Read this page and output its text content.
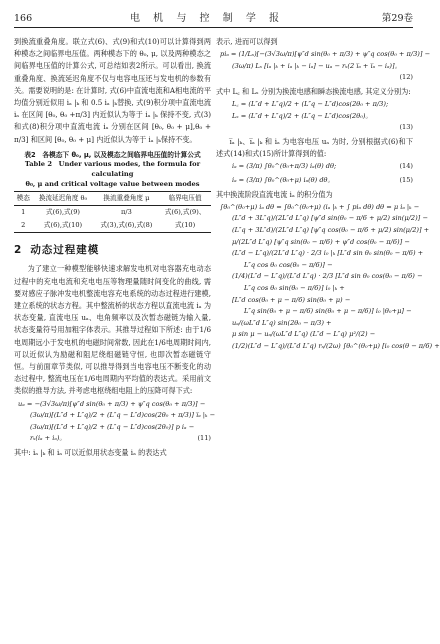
166	电 机 与 控 制 学 报	第29卷
到换流重叠角度。联立式(6)、式(9)和式(10)可以计算得到两种模态之间临界电压值。两种模态下的 θ₀, μ, 以及两种模态之间临界电压值的计算公式, 可总结如表2所示。可以看出, 换流重叠角度、换流延迟角度不仅与电容电压还与发电机的参数有关。需要说明的是: 在计算时, 式(6)中直流电流和A相电流的平均值分别近似用 iₐ |ₖ 和 0.5 iₐ |ₖ替换, 式(9)积分项中直流电流 iₐ 在区间 [θ₀, θ₀ +π/3] 内近似认为等于 iₐ |ₖ 保持不变, 式(3) 和式(8)积分项中直流电流 iₐ 分别在区间 [θ₀, θ₀ + μ],θ₀ + π/3] 和区间 [θ₀, θ₀ + μ] 内近似认为等于 iₐ |ₖ保持不变。
表2　各模态下 θ₀, μ, 以及模态之间临界电压值的计算公式
Table 2　Under various modes, the formula for calculating
θ₀, μ and critical voltage value between modes
模态	换流延迟角度 θ₀	换流重叠角度 μ	临界电压值
1	式(6),式(9)	π/3	式(6),式(9)、
2	式(6),式(10)	式(3),式(6),式(8)	式(10)
2 动态过程建模
为了建立一种模型能够快速求解发电机对电容器充电动态过程中的充电电流和充电电压等物理量随时间变化的曲线, 需要对感应子脉冲发电机整流电容充电系统的动态过程进行建模, 建立系统的状态方程。其中整流桥的状态方程以直流电流 iₐ 为状态变量, 直流电压 uₐ、电角频率以及次暂态磁链为输入量, 状态变量符号用加粗字体表示。其推导过程如下所述: 由于1/6电周期远小于发电机的电磁时间常数, 因此在1/6电周期时间内, 可以近似认为励磁和阻尼绕组磁链守恒, 也即次暂态磁链守恒。与前面章节类似, 可以推导得到当电容电压不断变化的动态过程中, 整流电压在1/6电周期内平均值的表达式。采用前文类似的推导方法, 并考虑电枢绕组电阻上的压降可得下式:
uₐ = −(3√3ω/π)[ψ″d sin(θ₀ + π/3) + ψ″q cos(θ₀ + π/3)] −
(3ω/π)[(L″d + L″q)/2 + (L″q − L″d)cos(2θ₀ + π/3)] i̅ₐ |ₖ −
(3ω/π)[(L″d + L″q)/2 + (L″q − L″d)cos(2θ₀)] p iₐ −
rₛ(iₐ + iₐ)。	(11)
其中: iₐ |ₖ 和 iₐ 可以近似用状态变量 iₐ 的表达式
表示, 进而可以得到
piₐ = (1/Lₛ)[−(3√3ω/π)[ψ″d sin(θ₀ + π/3) + ψ″q cos(θ₀ + π/3)] −
(3ω/π) Lₛ [iₐ |ₖ + iₐ |ₖ − iₐ] − uₐ − rₛ(2 i̅ₐ + i̅ₐ − iₐ)]。
(12)

式中 L꜀ 和 Lₛ 分别为换流电感和瞬态换流电感, 其定义分别为:
L꜀ = (L″d + L″q)/2 + (L″q − L″d)cos(2θ₀ + π/3);
Lₛ = (L″d + L″q)/2 + (L″q − L″d)cos(2θ₀)。
(13)

i̅ₐ |ₖ、i̅ₐ |ₖ 和 iₐ 为电容电压 uₐ 为时, 分别根据式(6)和下述式(14)和式(15)所计算得到的值:
iₐ = (3/π) ∫θ₀^(θ₀+π/3) iₐ(θ) dθ;	(14)
iₐ = (3/π) ∫θ₀^(θ₀+μ) iₐ(θ) dθ。	(15)
其中换流阶段直流电流 iₐ 的积分值为
∫θ₀^(θ₀+μ) iₐ dθ = ∫θ₀^(θ₀+μ) (iₐ |ₖ + ∫ piₐ dθ) dθ = μ iₐ |ₖ −
(L″d + 3L″q)/(2L″d L″q) [ψ″d sin(θ₀ − π/6 + μ/2) sin(μ/2)] −
(L″q + 3L″d)/(2L″d L″q) [ψ″q cos(θ₀ − π/6 + μ/2) sin(μ/2)] +
μ/(2L″d L″q) [ψ″q sin(θ₀ − π/6) + ψ″d cos(θ₀ − π/6)] −
(L″d − L″q)/(2L″d L″q) · 2/3 i₀ |ₖ [L″d sin θ₀ sin(θ₀ − π/6) +
L″q cos θ₀ cos(θ₀ − π/6)] −
(1/4)(L″d − L″q)/(L″d L″q) · 2/3 [L″d sin θ₀ cos(θ₀ − π/6) −
L″q cos θ₀ sin(θ₀ − π/6)] i₀ |ₖ +
[L″d cos(θ₀ + μ − π/6) sin(θ₀ + μ) −
L″q sin(θ₀ + μ − π/6) sin(θ₀ + μ − π/6)] i₀ |θ₀+μ] −
uₐ/(ωL″d L″q) sin(2θ₀ − π/3) +
μ sin μ − uₐ/(ωL″d L″q) (L″d − L″q) μ²/(2) −
(1/2)(L″d − L″q)/(L″d L″q) rₛ/(2ω) ∫θ₀^(θ₀+μ) [i₀ cos(θ − π/6) +
